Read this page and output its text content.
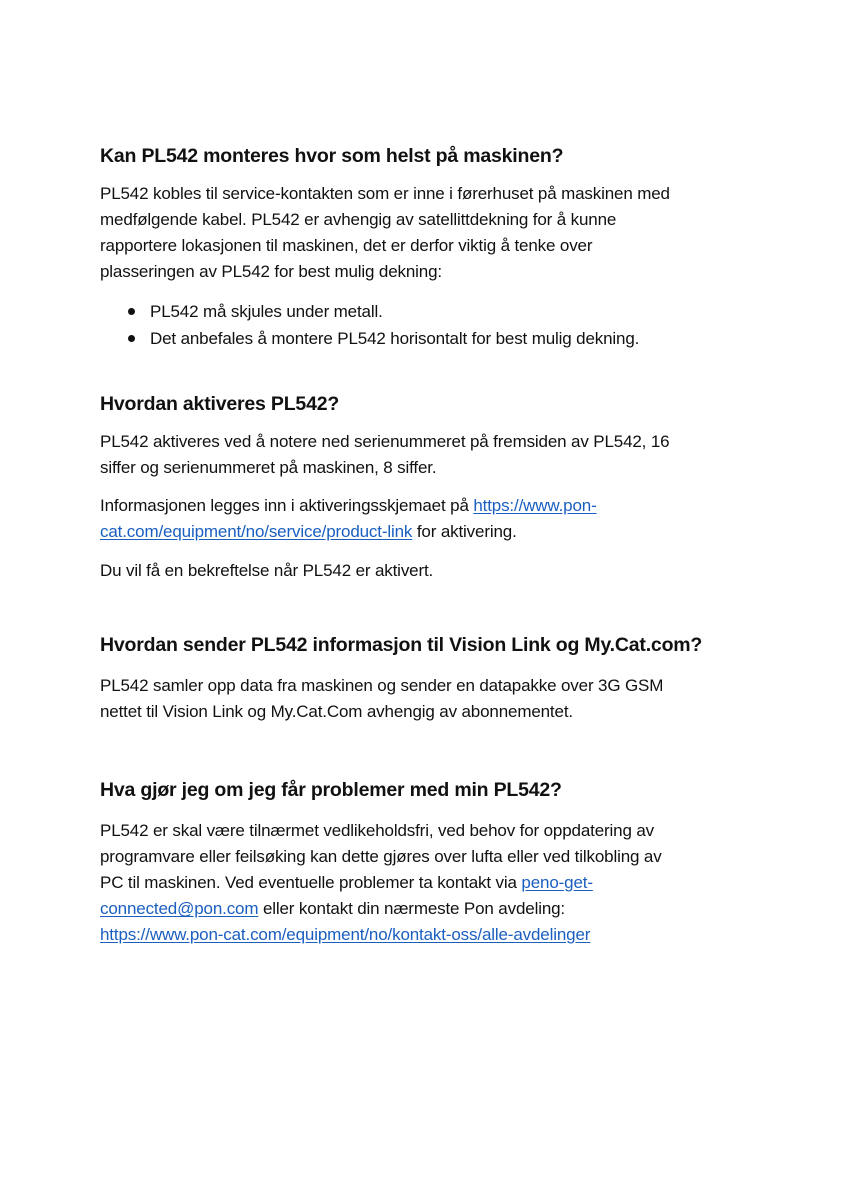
Kan PL542 monteres hvor som helst på maskinen?
PL542 kobles til service-kontakten som er inne i førerhuset på maskinen med
medfølgende kabel. PL542 er avhengig av satellittdekning for å kunne
rapportere lokasjonen til maskinen, det er derfor viktig å tenke over
plasseringen av PL542 for best mulig dekning:
PL542 må skjules under metall.
Det anbefales å montere PL542 horisontalt for best mulig dekning.
Hvordan aktiveres PL542?
PL542 aktiveres ved å notere ned serienummeret på fremsiden av PL542, 16
siffer og serienummeret på maskinen, 8 siffer.
Informasjonen legges inn i aktiveringsskjemaet på https://www.pon-
cat.com/equipment/no/service/product-link for aktivering.
Du vil få en bekreftelse når PL542 er aktivert.
Hvordan sender PL542 informasjon til Vision Link og My.Cat.com?
PL542 samler opp data fra maskinen og sender en datapakke over 3G GSM
nettet til Vision Link og My.Cat.Com avhengig av abonnementet.
Hva gjør jeg om jeg får problemer med min PL542?
PL542 er skal være tilnærmet vedlikeholdsfri, ved behov for oppdatering av
programvare eller feilsøking kan dette gjøres over lufta eller ved tilkobling av
PC til maskinen. Ved eventuelle problemer ta kontakt via peno-get-
connected@pon.com eller kontakt din nærmeste Pon avdeling:
https://www.pon-cat.com/equipment/no/kontakt-oss/alle-avdelinger
